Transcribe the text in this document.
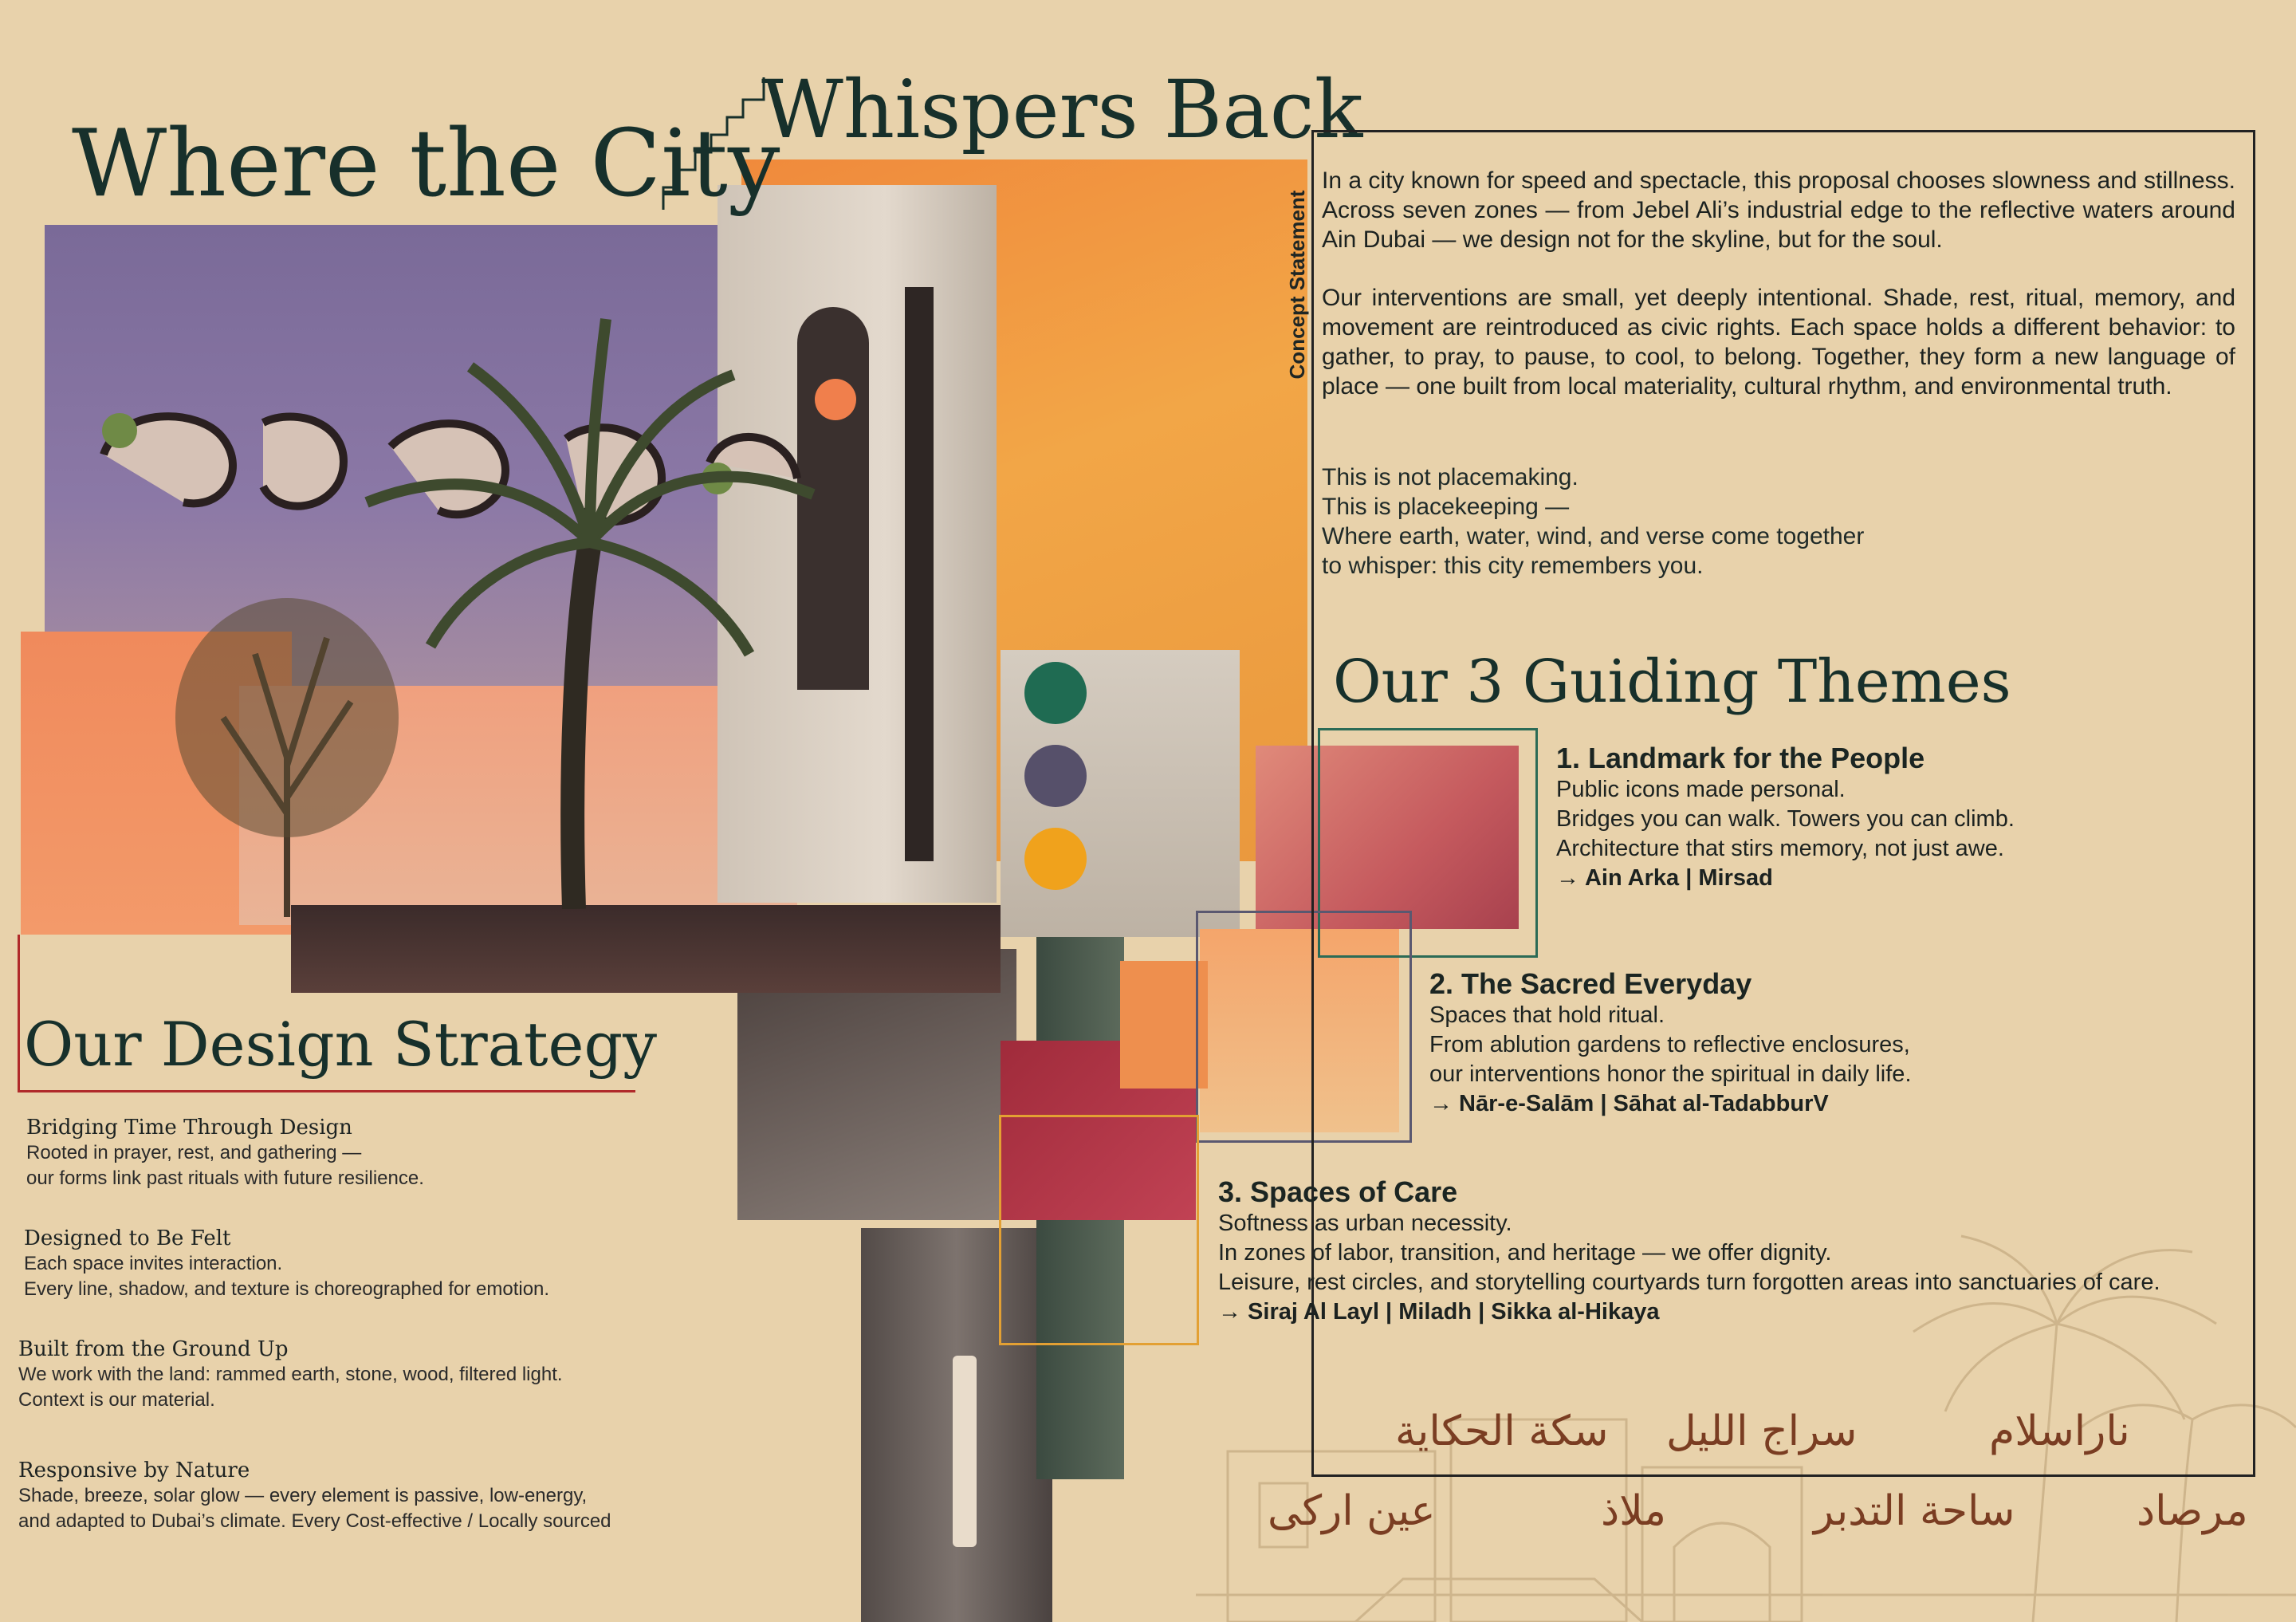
Where the City
Whispers Back
Concept Statement

In a city known for speed and spectacle, this proposal chooses slowness and stillness. Across seven zones — from Jebel Ali’s industrial edge to the reflective waters around Ain Dubai — we design not for the skyline, but for the soul.

Our interventions are small, yet deeply intentional. Shade, rest, ritual, memory, and movement are reintroduced as civic rights. Each space holds a different behavior: to gather, to pray, to pause, to cool, to belong. Together, they form a new language of place — one built from local materiality, cultural rhythm, and environmental truth.

This is not placemaking.
This is placekeeping —
Where earth, water, wind, and verse come together
to whisper: this city remembers you.
Our 3 Guiding Themes
1. Landmark for the People
Public icons made personal.
Bridges you can walk. Towers you can climb.
Architecture that stirs memory, not just awe.
→ Ain Arka | Mirsad
2. The Sacred Everyday
Spaces that hold ritual.
From ablution gardens to reflective enclosures,
our interventions honor the spiritual in daily life.
→ Nār-e-Salām | Sāhat al-TadabburV
3. Spaces of Care
Softness as urban necessity.
In zones of labor, transition, and heritage — we offer dignity.
Leisure, rest circles, and storytelling courtyards turn forgotten areas into sanctuaries of care.
→ Siraj Al Layl | Miladh | Sikka al-Hikaya
Our Design Strategy
Bridging Time Through Design
Rooted in prayer, rest, and gathering —
our forms link past rituals with future resilience.
Designed to Be Felt
Each space invites interaction.
Every line, shadow, and texture is choreographed for emotion.
Built from the Ground Up
We work with the land: rammed earth, stone, wood, filtered light.
Context is our material.
Responsive by Nature
Shade, breeze, solar glow — every element is passive, low-energy,
and adapted to Dubai’s climate. Every Cost-effective / Locally sourced
سكة الحكاية سراج الليل	ناراسلام
عين اركى	ملاذ	ساحة التدبر	مرصاد
